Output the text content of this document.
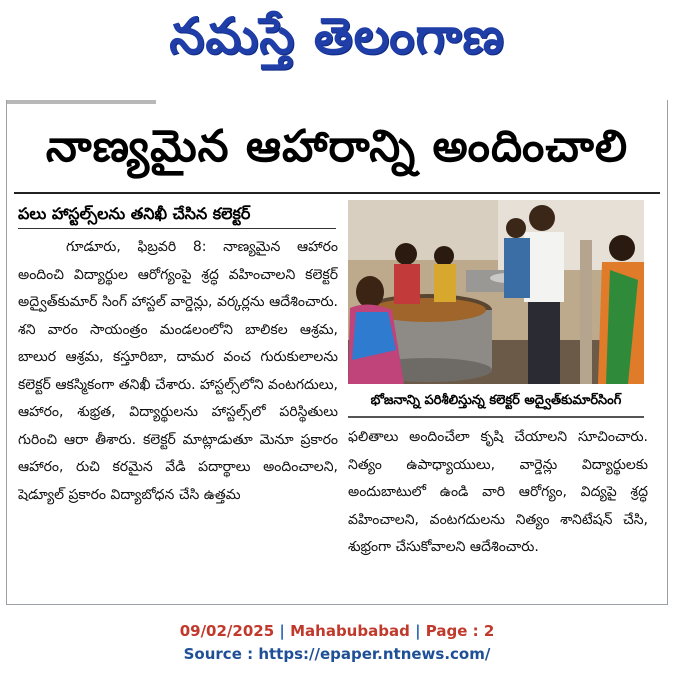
నమస్తే తెలంగాణ
నాణ్యమైన ఆహారాన్ని అందించాలి
పలు హాస్టల్స్‌లను తనిఖీ చేసిన కలెక్టర్

గూడూరు, ఫిబ్రవరి 8: నాణ్యమైన ఆహారం అందించి విద్యార్థుల ఆరోగ్యంపై శ్రద్ధ వహించాలని కలెక్టర్ అద్వైత్‌కుమార్ సింగ్ హాస్టల్ వార్డెన్లు, వర్కర్లను ఆదేశించారు. శని వారం సాయంత్రం మండలంలోని బాలికల ఆశ్రమ, బాలుర ఆశ్రమ, కస్తూరిబా, దామర వంచ గురుకులాలను కలెక్టర్ ఆకస్మికంగా తనిఖీ చేశారు. హాస్టల్స్‌లోని వంటగదులు, ఆహారం, శుభ్రత, విద్యార్థులను హాస్టల్స్‌లో పరిస్థితులు గురించి ఆరా తీశారు. కలెక్టర్ మాట్లాడుతూ మెనూ ప్రకారం ఆహారం, రుచి కరమైన వేడి పదార్థాలు అందించాలని, షెడ్యూల్ ప్రకారం విద్యాబోధన చేసి ఉత్తమ

భోజనాన్ని పరిశీలిస్తున్న కలెక్టర్ అద్వైత్‌కుమార్‌సింగ్

ఫలితాలు అందించేలా కృషి చేయాలని సూచించారు. నిత్యం ఉపాధ్యాయులు, వార్డెన్లు విద్యార్థులకు అందుబాటులో ఉండి వారి ఆరోగ్యం, విద్యపై శ్రద్ధ వహించాలని, వంటగదులను నిత్యం శానిటేషన్ చేసి, శుభ్రంగా చేసుకోవాలని ఆదేశించారు.

09/02/2025 | Mahabubabad | Page : 2
Source : https://epaper.ntnews.com/
